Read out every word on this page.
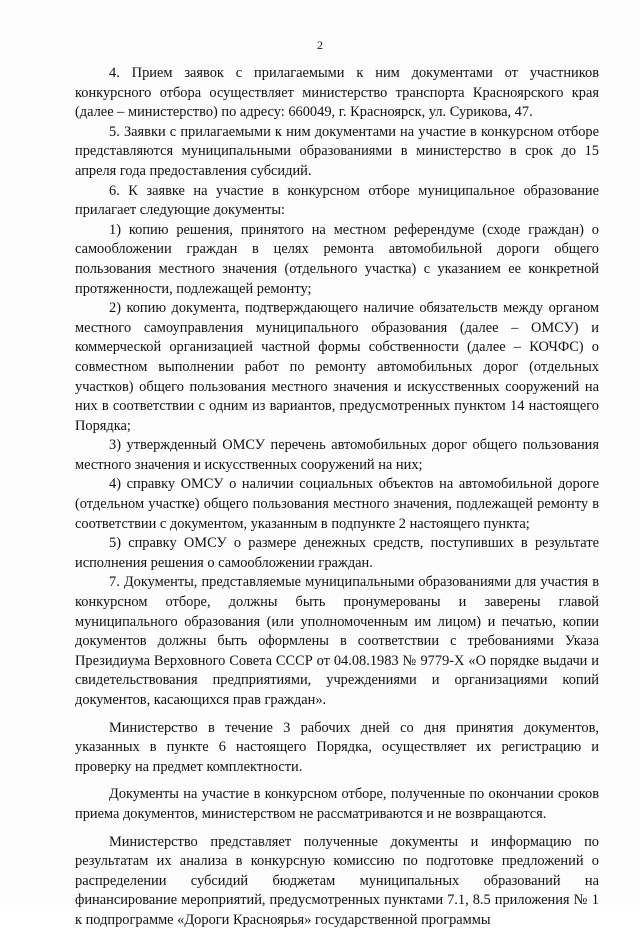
2

4. Прием заявок с прилагаемыми к ним документами от участников конкурсного отбора осуществляет министерство транспорта Красноярского края (далее – министерство) по адресу: 660049, г. Красноярск, ул. Сурикова, 47.

5. Заявки с прилагаемыми к ним документами на участие в конкурсном отборе представляются муниципальными образованиями в министерство в срок до 15 апреля года предоставления субсидий.

6. К заявке на участие в конкурсном отборе муниципальное образование прилагает следующие документы:

1) копию решения, принятого на местном референдуме (сходе граждан) о самообложении граждан в целях ремонта автомобильной дороги общего пользования местного значения (отдельного участка) с указанием ее конкретной протяженности, подлежащей ремонту;

2) копию документа, подтверждающего наличие обязательств между органом местного самоуправления муниципального образования (далее – ОМСУ) и коммерческой организацией частной формы собственности (далее – КОЧФС) о совместном выполнении работ по ремонту автомобильных дорог (отдельных участков) общего пользования местного значения и искусственных сооружений на них в соответствии с одним из вариантов, предусмотренных пунктом 14 настоящего Порядка;

3) утвержденный ОМСУ перечень автомобильных дорог общего пользования местного значения и искусственных сооружений на них;

4) справку ОМСУ о наличии социальных объектов на автомобильной дороге (отдельном участке) общего пользования местного значения, подлежащей ремонту в соответствии с документом, указанным в подпункте 2 настоящего пункта;

5) справку ОМСУ о размере денежных средств, поступивших в результате исполнения решения о самообложении граждан.

7. Документы, представляемые муниципальными образованиями для участия в конкурсном отборе, должны быть пронумерованы и заверены главой муниципального образования (или уполномоченным им лицом) и печатью, копии документов должны быть оформлены в соответствии с требованиями Указа Президиума Верховного Совета СССР от 04.08.1983 № 9779-Х «О порядке выдачи и свидетельствования предприятиями, учреждениями и организациями копий документов, касающихся прав граждан».

Министерство в течение 3 рабочих дней со дня принятия документов, указанных в пункте 6 настоящего Порядка, осуществляет их регистрацию и проверку на предмет комплектности.

Документы на участие в конкурсном отборе, полученные по окончании сроков приема документов, министерством не рассматриваются и не возвращаются.

Министерство представляет полученные документы и информацию по результатам их анализа в конкурсную комиссию по подготовке предложений о распределении субсидий бюджетам муниципальных образований на финансирование мероприятий, предусмотренных пунктами 7.1, 8.5 приложения № 1 к подпрограмме «Дороги Красноярья» государственной программы
